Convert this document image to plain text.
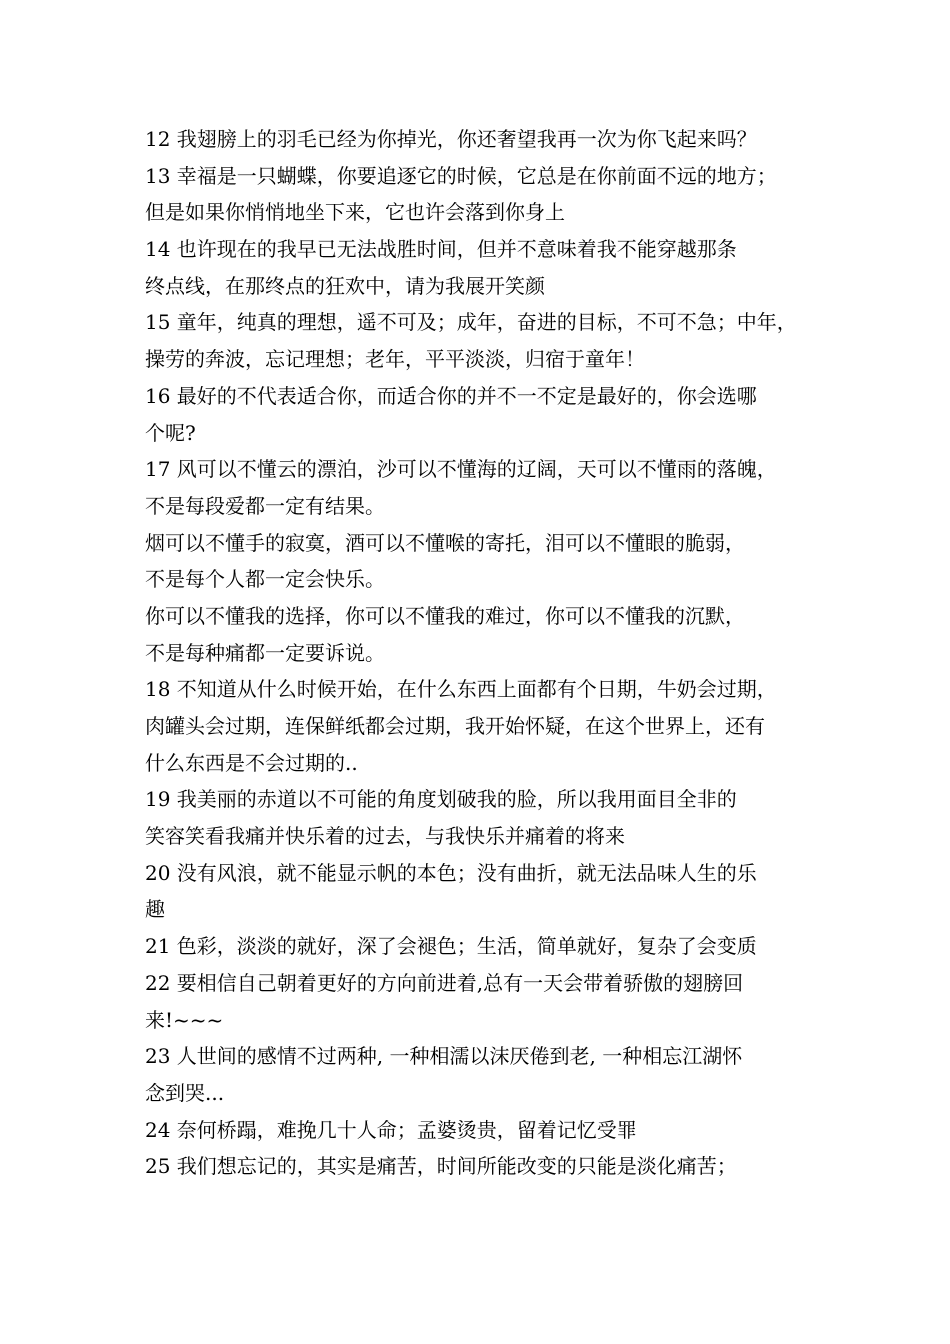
12 我翅膀上的羽毛已经为你掉光，你还奢望我再一次为你飞起来吗？
13 幸福是一只蝴蝶，你要追逐它的时候，它总是在你前面不远的地方；
但是如果你悄悄地坐下来，它也许会落到你身上
14 也许现在的我早已无法战胜时间，但并不意味着我不能穿越那条
终点线，在那终点的狂欢中，请为我展开笑颜
15 童年，纯真的理想，遥不可及；成年，奋进的目标，不可不急；中年，
操劳的奔波，忘记理想；老年，平平淡淡，归宿于童年！
16 最好的不代表适合你，而适合你的并不一不定是最好的，你会选哪
个呢?
17 风可以不懂云的漂泊，沙可以不懂海的辽阔，天可以不懂雨的落魄，
不是每段爱都一定有结果。
烟可以不懂手的寂寞，酒可以不懂喉的寄托，泪可以不懂眼的脆弱，
不是每个人都一定会快乐。
你可以不懂我的选择，你可以不懂我的难过，你可以不懂我的沉默，
不是每种痛都一定要诉说。
18 不知道从什么时候开始，在什么东西上面都有个日期，牛奶会过期，
肉罐头会过期，连保鲜纸都会过期，我开始怀疑，在这个世界上，还有
什么东西是不会过期的..
19 我美丽的赤道以不可能的角度划破我的脸，所以我用面目全非的
笑容笑看我痛并快乐着的过去，与我快乐并痛着的将来
20 没有风浪，就不能显示帆的本色；没有曲折，就无法品味人生的乐
趣
21 色彩，淡淡的就好，深了会褪色；生活，简单就好，复杂了会变质
22 要相信自己朝着更好的方向前进着,总有一天会带着骄傲的翅膀回
来!~~~
23 人世间的感情不过两种, 一种相濡以沫厌倦到老, 一种相忘江湖怀
念到哭...
24 奈何桥蹋，难挽几十人命；孟婆烫贵，留着记忆受罪
25 我们想忘记的，其实是痛苦，时间所能改变的只能是淡化痛苦；
